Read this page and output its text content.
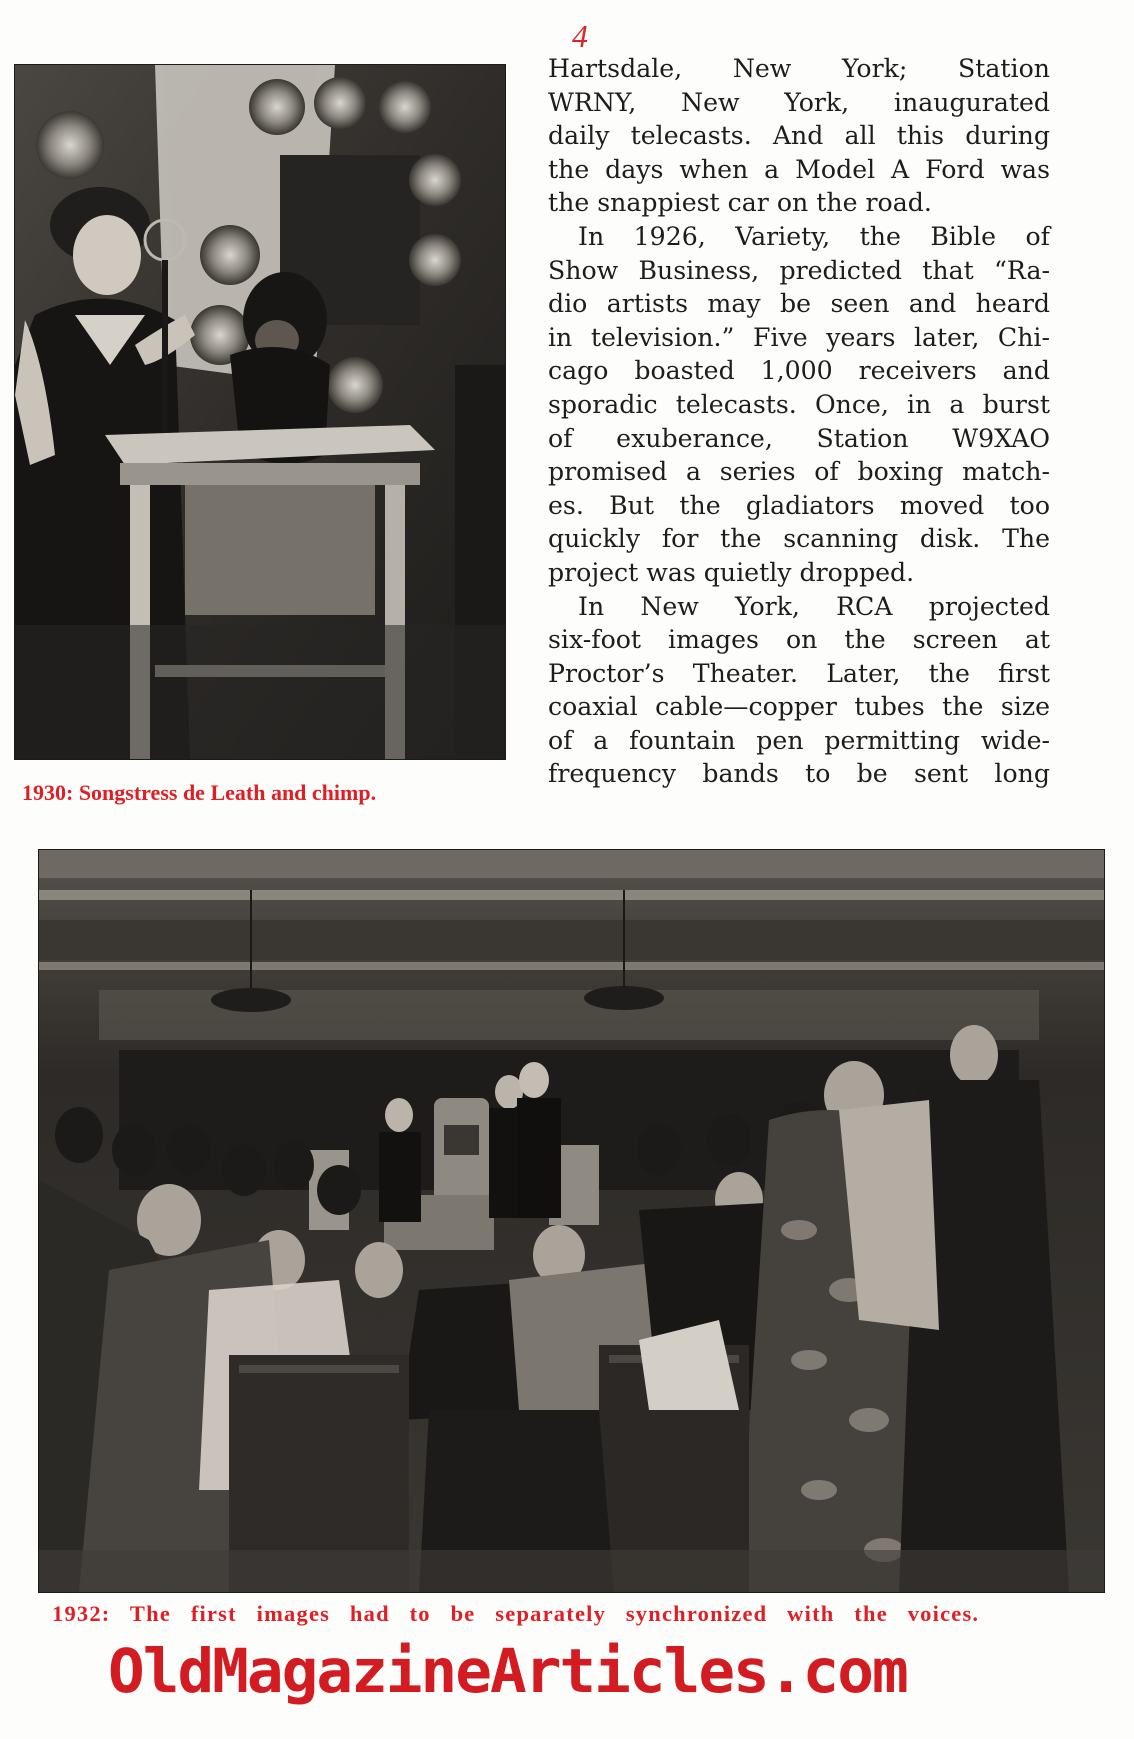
4
1930: Songstress de Leath and chimp.
Hartsdale, New York; Station
WRNY, New York, inaugurated
daily telecasts. And all this during
the days when a Model A Ford was
the snappiest car on the road.
In 1926, Variety, the Bible of
Show Business, predicted that “Ra-
dio artists may be seen and heard
in television.” Five years later, Chi-
cago boasted 1,000 receivers and
sporadic telecasts. Once, in a burst
of exuberance, Station W9XAO
promised a series of boxing match-
es. But the gladiators moved too
quickly for the scanning disk. The
project was quietly dropped.
In New York, RCA projected
six-foot images on the screen at
Proctor’s Theater. Later, the first
coaxial cable—copper tubes the size
of a fountain pen permitting wide-
frequency bands to be sent long
1932: The first images had to be separately synchronized with the voices.
OldMagazineArticles.com
